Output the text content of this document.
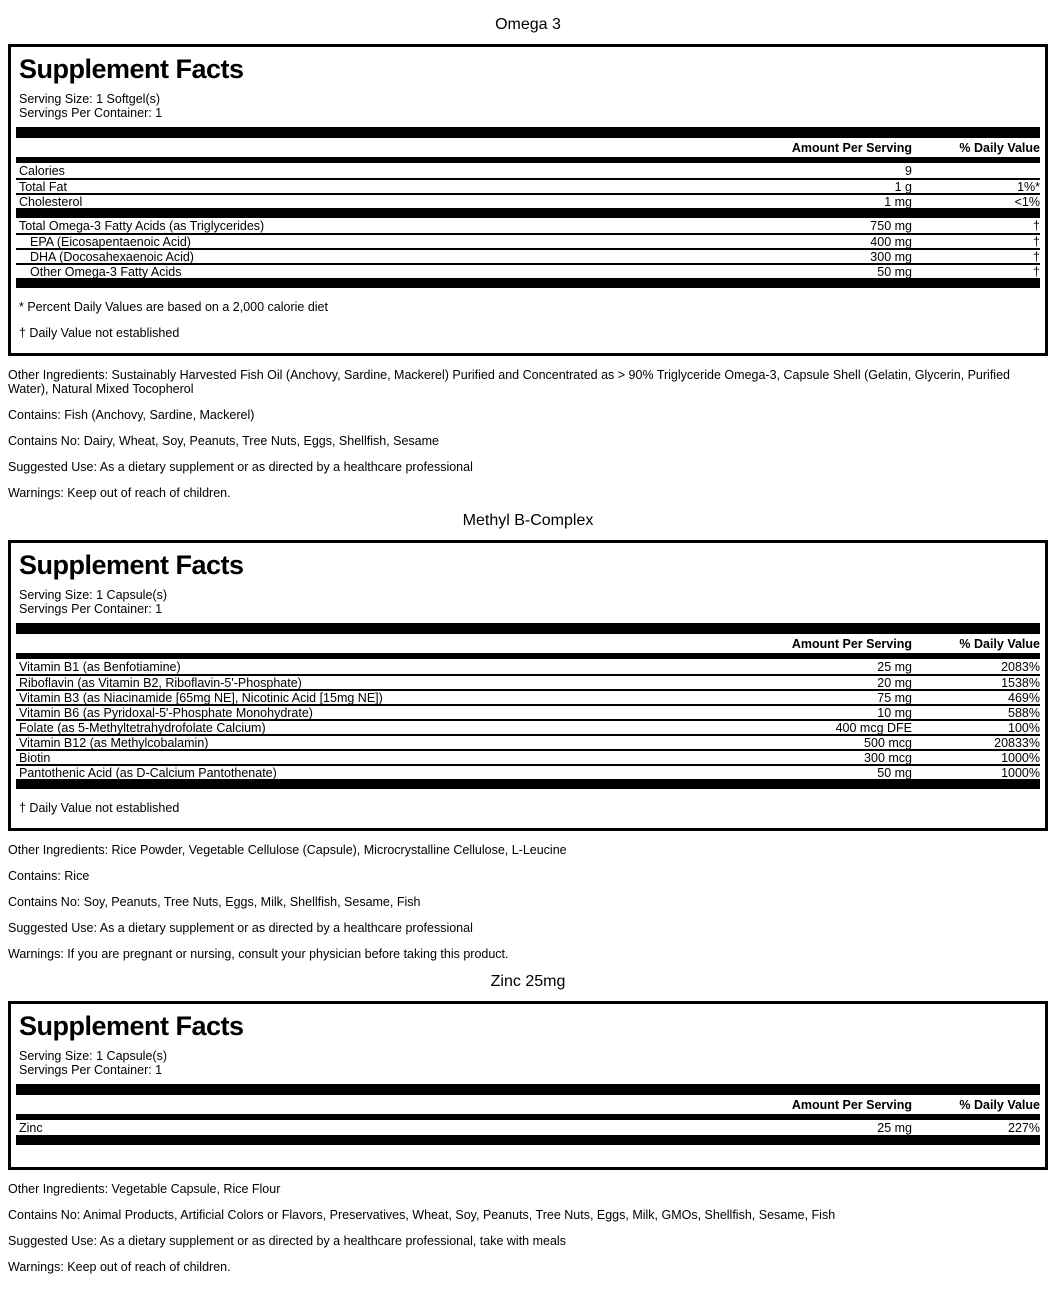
Omega 3
Supplement Facts
Serving Size: 1 Softgel(s)
Servings Per Container: 1
Amount Per Serving	% Daily Value
Calories	9
Total Fat	1 g	1%*
Cholesterol	1 mg	<1%
Total Omega-3 Fatty Acids (as Triglycerides)	750 mg	†
EPA (Eicosapentaenoic Acid)	400 mg	†
DHA (Docosahexaenoic Acid)	300 mg	†
Other Omega-3 Fatty Acids	50 mg	†
* Percent Daily Values are based on a 2,000 calorie diet
† Daily Value not established

Other Ingredients: Sustainably Harvested Fish Oil (Anchovy, Sardine, Mackerel) Purified and Concentrated as > 90% Triglyceride Omega-3, Capsule Shell (Gelatin, Glycerin, Purified Water), Natural Mixed Tocopherol

Contains: Fish (Anchovy, Sardine, Mackerel)

Contains No: Dairy, Wheat, Soy, Peanuts, Tree Nuts, Eggs, Shellfish, Sesame

Suggested Use: As a dietary supplement or as directed by a healthcare professional

Warnings: Keep out of reach of children.

Methyl B-Complex
Supplement Facts
Serving Size: 1 Capsule(s)
Servings Per Container: 1
Amount Per Serving	% Daily Value
Vitamin B1 (as Benfotiamine)	25 mg	2083%
Riboflavin (as Vitamin B2, Riboflavin-5'-Phosphate)	20 mg	1538%
Vitamin B3 (as Niacinamide [65mg NE], Nicotinic Acid [15mg NE])	75 mg	469%
Vitamin B6 (as Pyridoxal-5'-Phosphate Monohydrate)	10 mg	588%
Folate (as 5-Methyltetrahydrofolate Calcium)	400 mcg DFE	100%
Vitamin B12 (as Methylcobalamin)	500 mcg	20833%
Biotin	300 mcg	1000%
Pantothenic Acid (as D-Calcium Pantothenate)	50 mg	1000%
† Daily Value not established

Other Ingredients: Rice Powder, Vegetable Cellulose (Capsule), Microcrystalline Cellulose, L-Leucine

Contains: Rice

Contains No: Soy, Peanuts, Tree Nuts, Eggs, Milk, Shellfish, Sesame, Fish

Suggested Use: As a dietary supplement or as directed by a healthcare professional

Warnings: If you are pregnant or nursing, consult your physician before taking this product.

Zinc 25mg
Supplement Facts
Serving Size: 1 Capsule(s)
Servings Per Container: 1
Amount Per Serving	% Daily Value
Zinc	25 mg	227%

Other Ingredients: Vegetable Capsule, Rice Flour

Contains No: Animal Products, Artificial Colors or Flavors, Preservatives, Wheat, Soy, Peanuts, Tree Nuts, Eggs, Milk, GMOs, Shellfish, Sesame, Fish

Suggested Use: As a dietary supplement or as directed by a healthcare professional, take with meals

Warnings: Keep out of reach of children.
